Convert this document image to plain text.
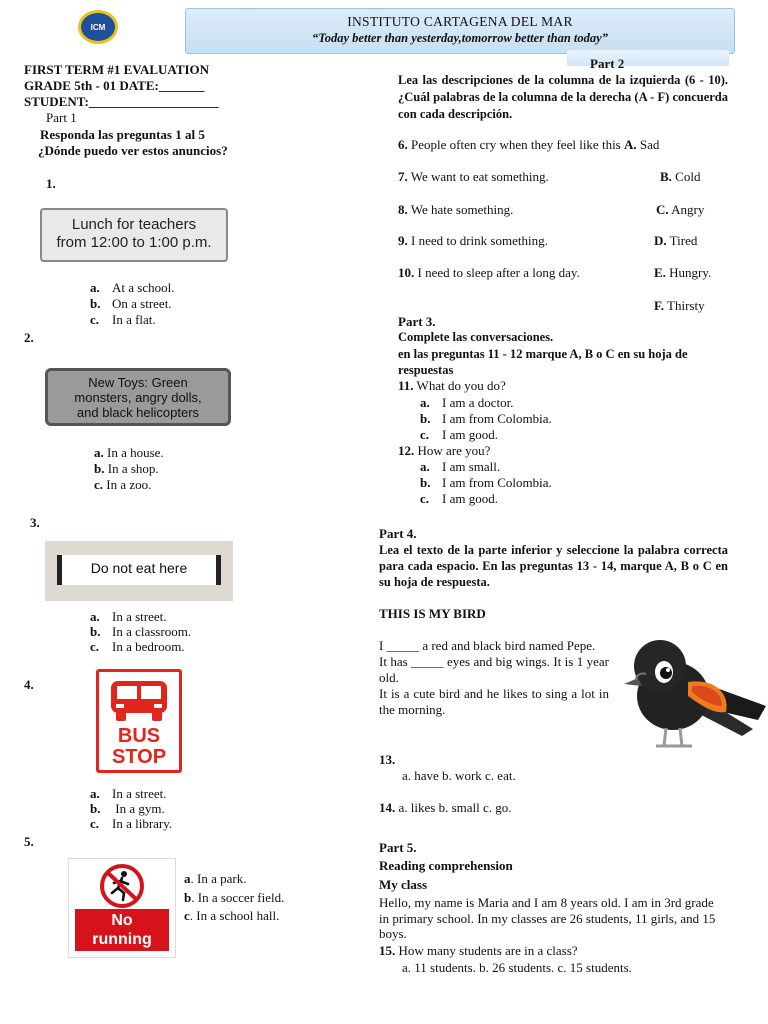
ICM	INSTITUTO CARTAGENA DEL MAR
“Today better than yesterday,tomorrow better than today”
FIRST TERM #1 EVALUATION
GRADE 5th - 01 DATE:_______
STUDENT:____________________
Part 1
Responda las preguntas 1 al 5
¿Dónde puedo ver estos anuncios?
1.
Lunch for teachers
from 12:00 to 1:00 p.m.
a. At a school.
b. On a street.
c. In a flat.
2.
New Toys: Green
monsters, angry dolls,
and black helicopters
a. In a house.
b. In a shop.
c. In a zoo.
3.
Do not eat here
a. In a street.
b. In a classroom.
c. In a bedroom.
4.
BUS
STOP
a. In a street.
b. In a gym.
c. In a library.
5.
No
running
a. In a park.
b. In a soccer field.
c. In a school hall.
Part 2
Lea las descripciones de la columna de la izquierda (6 - 10). ¿Cuál palabras de la columna de la derecha (A - F) concuerda con cada descripción.
6. People often cry when they feel like this A. Sad
7. We want to eat something.	B. Cold
8. We hate something.	C. Angry
9. I need to drink something.	D. Tired
10. I need to sleep after a long day.	E. Hungry.
F. Thirsty
Part 3.
Complete las conversaciones.
en las preguntas 11 - 12 marque A, B o C en su hoja de respuestas
11. What do you do?
a. I am a doctor.
b. I am from Colombia.
c. I am good.
12. How are you?
a. I am small.
b. I am from Colombia.
c. I am good.
Part 4.
Lea el texto de la parte inferior y seleccione la palabra correcta para cada espacio. En las preguntas 13 - 14, marque A, B o C en su hoja de respuesta.
THIS IS MY BIRD
I _____ a red and black bird named Pepe.
It has _____ eyes and big wings. It is 1 year old.
It is a cute bird and he likes to sing a lot in the morning.
13.
a. have b. work c. eat.
14. a. likes b. small c. go.
Part 5.
Reading comprehension
My class
Hello, my name is Maria and I am 8 years old. I am in 3rd grade in primary school. In my classes are 26 students, 11 girls, and 15 boys.
15. How many students are in a class?
a. 11 students. b. 26 students. c. 15 students.
